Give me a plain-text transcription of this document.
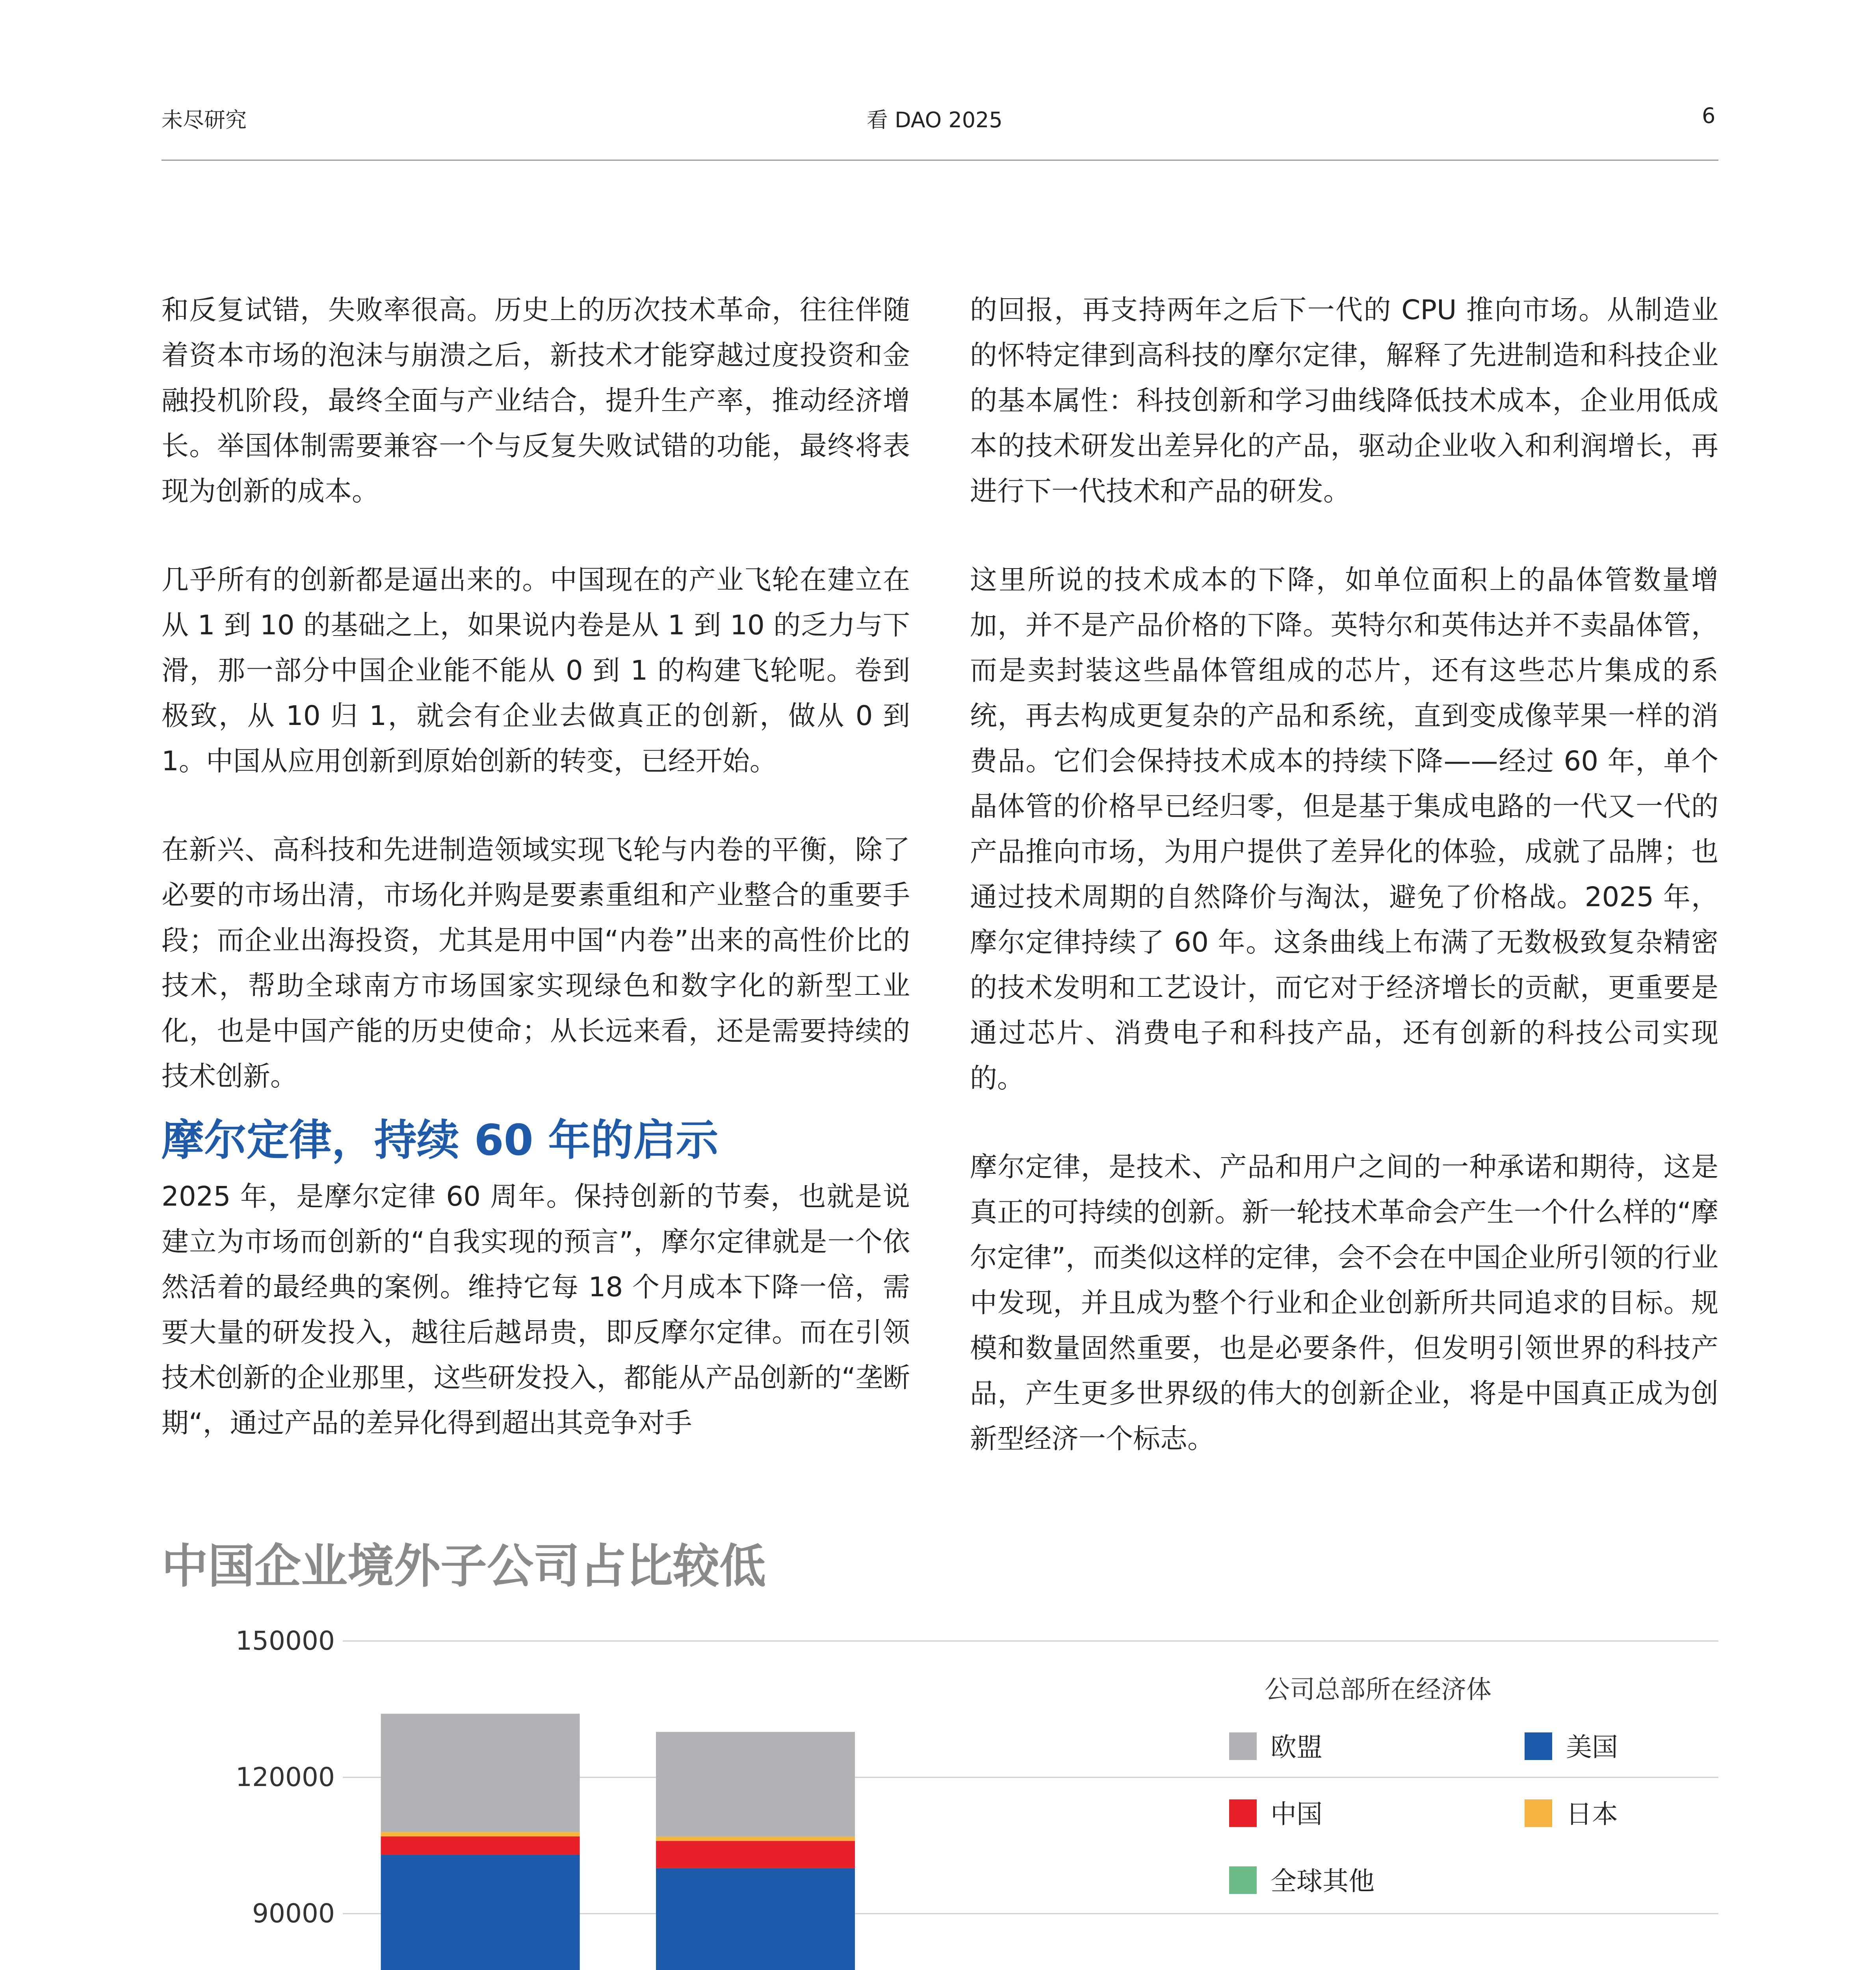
未尽研究	看 DAO 2025	6

和反复试错，失败率很高。历史上的历次技术革命，往往伴随着资本市场的泡沫与崩溃之后，新技术才能穿越过度投资和金融投机阶段，最终全面与产业结合，提升生产率，推动经济增长。举国体制需要兼容一个与反复失败试错的功能，最终将表现为创新的成本。

几乎所有的创新都是逼出来的。中国现在的产业飞轮在建立在从 1 到 10 的基础之上，如果说内卷是从 1 到 10 的乏力与下滑，那一部分中国企业能不能从 0 到 1 的构建飞轮呢。卷到极致，从 10 归 1，就会有企业去做真正的创新，做从 0 到 1。中国从应用创新到原始创新的转变，已经开始。

在新兴、高科技和先进制造领域实现飞轮与内卷的平衡，除了必要的市场出清，市场化并购是要素重组和产业整合的重要手段；而企业出海投资，尤其是用中国“内卷”出来的高性价比的技术，帮助全球南方市场国家实现绿色和数字化的新型工业化，也是中国产能的历史使命；从长远来看，还是需要持续的技术创新。

摩尔定律，持续 60 年的启示

2025 年，是摩尔定律 60 周年。保持创新的节奏，也就是说建立为市场而创新的“自我实现的预言”，摩尔定律就是一个依然活着的最经典的案例。维持它每 18 个月成本下降一倍，需要大量的研发投入，越往后越昂贵，即反摩尔定律。而在引领技术创新的企业那里，这些研发投入，都能从产品创新的“垄断期“，通过产品的差异化得到超出其竞争对手

的回报，再支持两年之后下一代的 CPU 推向市场。从制造业的怀特定律到高科技的摩尔定律，解释了先进制造和科技企业的基本属性：科技创新和学习曲线降低技术成本，企业用低成本的技术研发出差异化的产品，驱动企业收入和利润增长，再进行下一代技术和产品的研发。

这里所说的技术成本的下降，如单位面积上的晶体管数量增加，并不是产品价格的下降。英特尔和英伟达并不卖晶体管，而是卖封装这些晶体管组成的芯片，还有这些芯片集成的系统，再去构成更复杂的产品和系统，直到变成像苹果一样的消费品。它们会保持技术成本的持续下降——经过 60 年，单个晶体管的价格早已经归零，但是基于集成电路的一代又一代的产品推向市场，为用户提供了差异化的体验，成就了品牌；也通过技术周期的自然降价与淘汰，避免了价格战。2025 年，摩尔定律持续了 60 年。这条曲线上布满了无数极致复杂精密的技术发明和工艺设计，而它对于经济增长的贡献，更重要是通过芯片、消费电子和科技产品，还有创新的科技公司实现的。

摩尔定律，是技术、产品和用户之间的一种承诺和期待，这是真正的可持续的创新。新一轮技术革命会产生一个什么样的“摩尔定律”，而类似这样的定律，会不会在中国企业所引领的行业中发现，并且成为整个行业和企业创新所共同追求的目标。规模和数量固然重要，也是必要条件，但发明引领世界的科技产品，产生更多世界级的伟大的创新企业，将是中国真正成为创新型经济一个标志。

中国企业境外子公司占比较低
90000
120000
150000
欧盟	美国
中国	日本
全球其他
公司总部所在经济体
